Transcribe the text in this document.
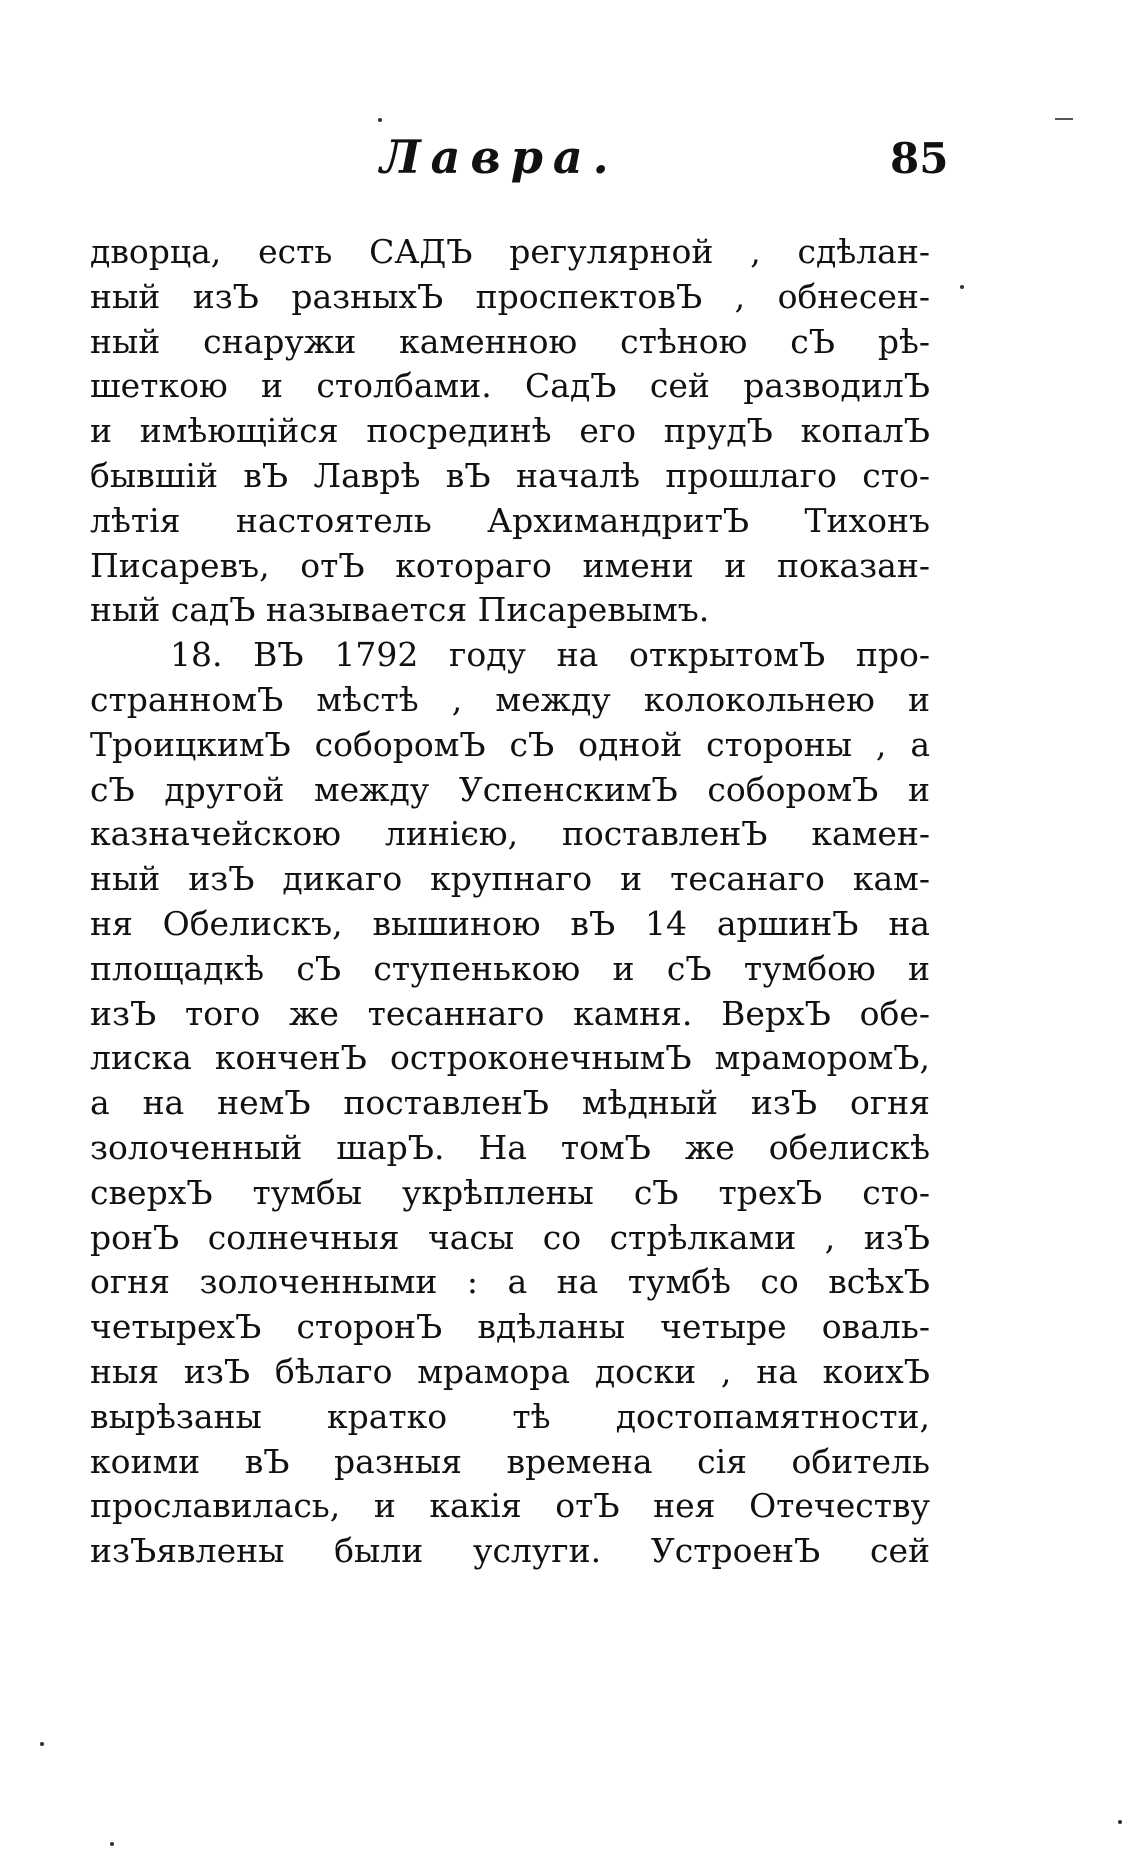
Лавра.	85
дворца, есть САДЪ регулярной , сдѣлан-
ный изЪ разныхЪ проспектовЪ , обнесен-
ный снаружи каменною стѣною сЪ рѣ-
шеткою и столбами. СадЪ сей разводилЪ
и имѣющійся посрединѣ его прудЪ копалЪ
бывшій вЪ Лаврѣ вЪ началѣ прошлаго сто-
лѣтія настоятель АрхимандритЪ Тихонъ
Писаревъ, отЪ котораго имени и показан-
ный садЪ называется Писаревымъ.
18. ВЪ 1792 году на открытомЪ про-
странномЪ мѣстѣ , между колокольнею и
ТроицкимЪ соборомЪ сЪ одной стороны , а
сЪ другой между УспенскимЪ соборомЪ и
казначейскою линією, поставленЪ камен-
ный изЪ дикаго крупнаго и тесанаго кам-
ня Обелискъ, вышиною вЪ 14 аршинЪ на
площадкѣ сЪ ступенькою и сЪ тумбою и
изЪ того же тесаннаго камня. ВерхЪ обе-
лиска конченЪ остроконечнымЪ мраморомЪ,
а на немЪ поставленЪ мѣдный изЪ огня
золоченный шарЪ. На томЪ же обелискѣ
сверхЪ тумбы укрѣплены сЪ трехЪ сто-
ронЪ солнечныя часы со стрѣлками , изЪ
огня золоченными : а на тумбѣ со всѣхЪ
четырехЪ сторонЪ вдѣланы четыре оваль-
ныя изЪ бѣлаго мрамора доски , на коихЪ
вырѣзаны кратко тѣ достопамятности,
коими вЪ разныя времена сія обитель
прославилась, и какія отЪ нея Отечеству
изЪявлены были услуги. УстроенЪ сей
